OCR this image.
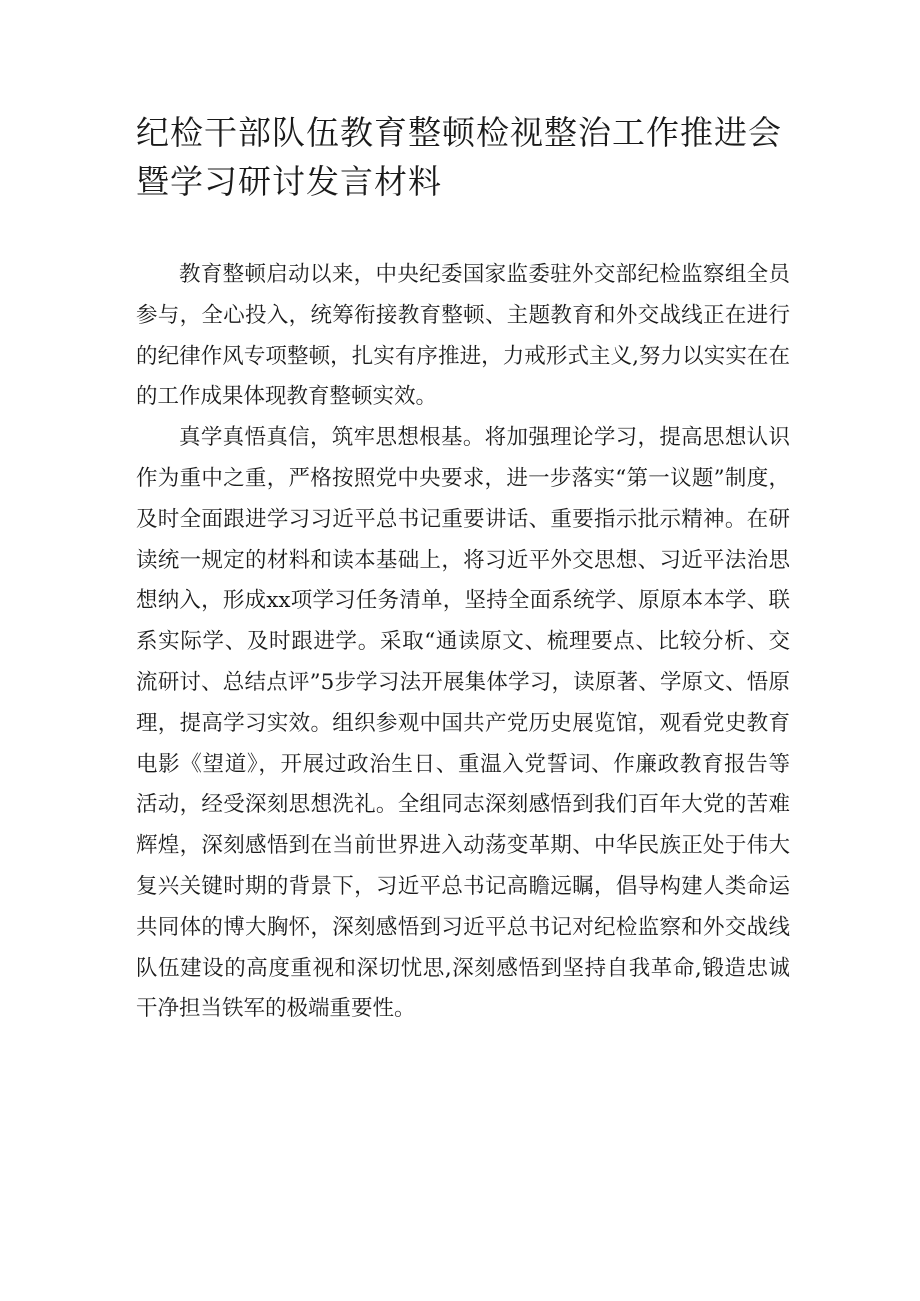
纪检干部队伍教育整顿检视整治工作推进会暨学习研讨发言材料

教育整顿启动以来，中央纪委国家监委驻外交部纪检监察组全员参与，全心投入，统筹衔接教育整顿、主题教育和外交战线正在进行的纪律作风专项整顿，扎实有序推进，力戒形式主义,努力以实实在在的工作成果体现教育整顿实效。

真学真悟真信，筑牢思想根基。将加强理论学习，提高思想认识作为重中之重，严格按照党中央要求，进一步落实“第一议题”制度，及时全面跟进学习习近平总书记重要讲话、重要指示批示精神。在研读统一规定的材料和读本基础上，将习近平外交思想、习近平法治思想纳入，形成xx项学习任务清单，坚持全面系统学、原原本本学、联系实际学、及时跟进学。采取“通读原文、梳理要点、比较分析、交流研讨、总结点评”5步学习法开展集体学习，读原著、学原文、悟原理，提高学习实效。组织参观中国共产党历史展览馆，观看党史教育电影《望道》，开展过政治生日、重温入党誓词、作廉政教育报告等活动，经受深刻思想洗礼。全组同志深刻感悟到我们百年大党的苦难辉煌，深刻感悟到在当前世界进入动荡变革期、中华民族正处于伟大复兴关键时期的背景下，习近平总书记高瞻远瞩，倡导构建人类命运共同体的博大胸怀，深刻感悟到习近平总书记对纪检监察和外交战线队伍建设的高度重视和深切忧思,深刻感悟到坚持自我革命,锻造忠诚干净担当铁军的极端重要性。
